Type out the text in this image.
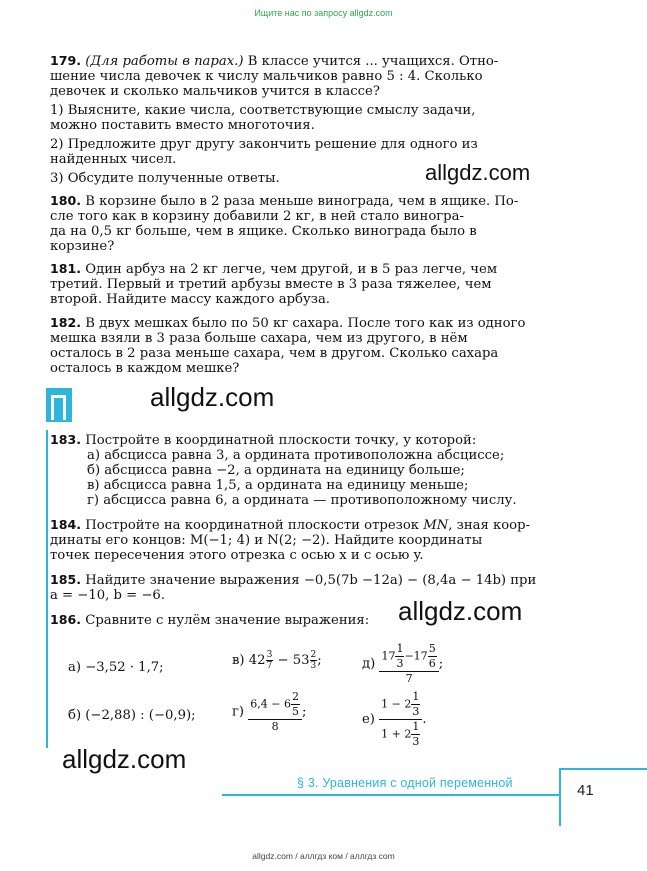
Ищите нас по запросу allgdz.com

179. (Для работы в парах.) В классе учится ... учащихся. Отно-

шение числа девочек к числу мальчиков равно 5 : 4. Сколько

девочек и сколько мальчиков учится в классе?

1) Выясните, какие числа, соответствующие смыслу задачи,

можно поставить вместо многоточия.

2) Предложите друг другу закончить решение для одного из

найденных чисел.

3) Обсудите полученные ответы.	allgdz.com

180. В корзине было в 2 раза меньше винограда, чем в ящике. По-

сле того как в корзину добавили 2 кг, в ней стало виногра-

да на 0,5 кг больше, чем в ящике. Сколько винограда было в

корзине?

181. Один арбуз на 2 кг легче, чем другой, и в 5 раз легче, чем

третий. Первый и третий арбузы вместе в 3 раза тяжелее, чем

второй. Найдите массу каждого арбуза.

182. В двух мешках было по 50 кг сахара. После того как из одного

мешка взяли в 3 раза больше сахара, чем из другого, в нём

осталось в 2 раза меньше сахара, чем в другом. Сколько сахара

осталось в каждом мешке?

allgdz.com

183. Постройте в координатной плоскости точку, у которой:

а) абсцисса равна 3, а ордината противоположна абсциссе;

б) абсцисса равна −2, а ордината на единицу больше;

в) абсцисса равна 1,5, а ордината на единицу меньше;

г) абсцисса равна 6, а ордината — противоположному числу.

184. Постройте на координатной плоскости отрезок MN, зная коор-

динаты его концов: M(−1; 4) и N(2; −2). Найдите координаты

точек пересечения этого отрезка с осью x и с осью y.

185. Найдите значение выражения −0,5(7b −12a) − (8,4a − 14b) при

a = −10, b = −6.

186. Сравните с нулём значение выражения:	allgdz.com
а) −3,52 · 1,7;
б) (−2,88) : (−0,9);
в) $42 \frac{3}{7} - 53 \frac{2}{3}$ ;
$г) \frac{6,4 - 6 \frac{2}{5}}{8}$ ;
$д) \frac{17 \frac{1}{3} -17 \frac{5}{6}}{7}$ ;
$е) \frac{1 - 2 \frac{1}{3}}{1 + 2 \frac{1}{3}}$ .
allgdz.com
§ 3. Уравнения с одной переменной	41
allgdz.com / аллгдз ком / аллгдз com
